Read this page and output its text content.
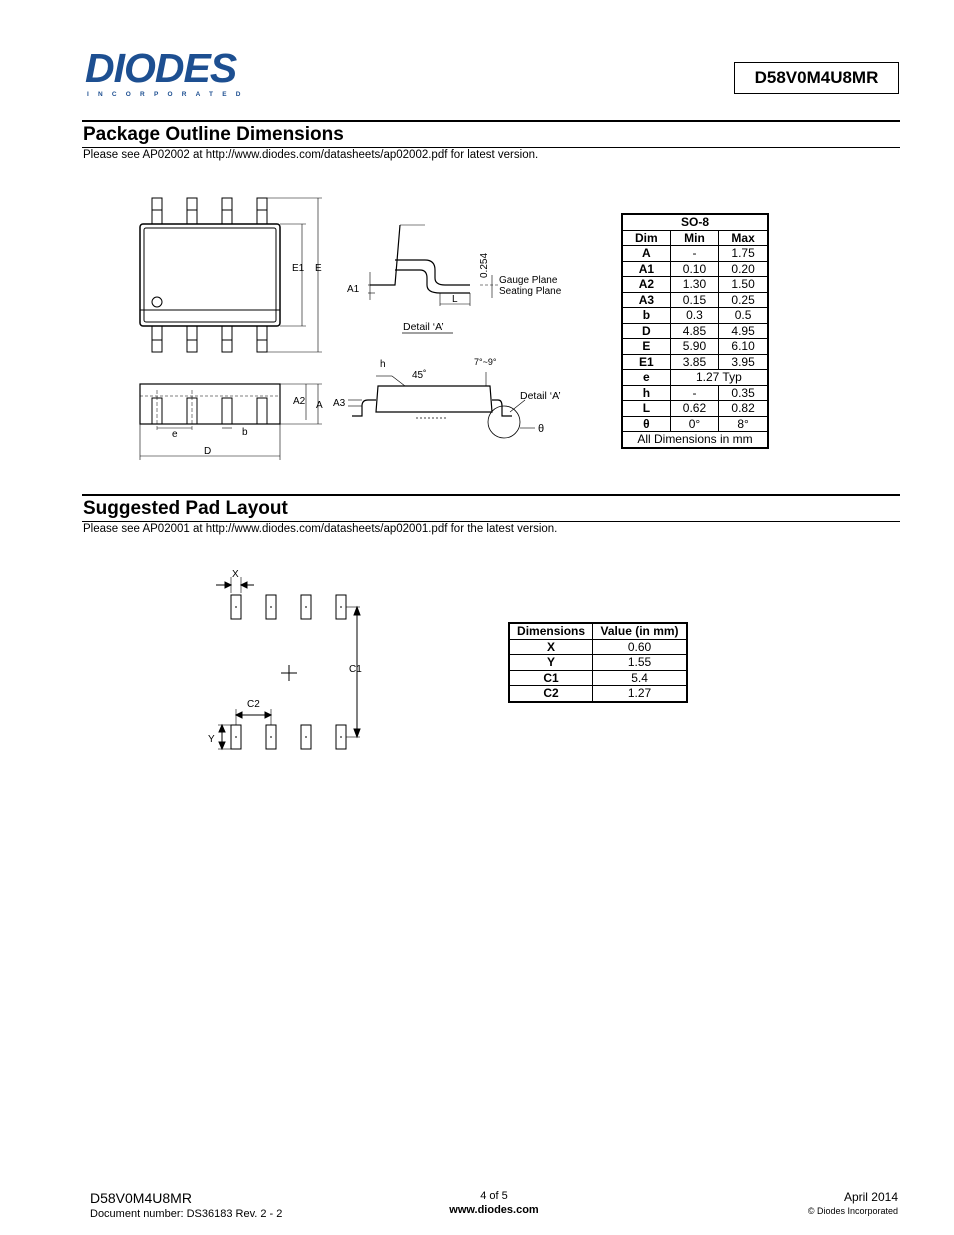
DIODES
INCORPORATED
D58V0M4U8MR
Package Outline Dimensions
Please see AP02002 at http://www.diodes.com/datasheets/ap02002.pdf for latest version.
E1 E
A1
0.254
Gauge Plane
Seating Plane
L
Detail ‘A’
A2 A
e	b
D
h
45˚
7°~9°
A3
Detail ‘A’
θ
SO-8		
Dim	Min	Max
A	-	1.75
A1	0.10	0.20
A2	1.30	1.50
A3	0.15	0.25
b	0.3	0.5
D	4.85	4.95
E	5.90	6.10
E1	3.85	3.95
e	1.27 Typ	
h	-	0.35
L	0.62	0.82
θ	0°	8°
All Dimensions in mm		
Suggested Pad Layout
Please see AP02001 at http://www.diodes.com/datasheets/ap02001.pdf for the latest version.
X
C1
C2
Y
Dimensions	Value (in mm)
X	0.60
Y	1.55
C1	5.4
C2	1.27
D58V0M4U8MR
Document number: DS36183 Rev. 2 - 2
4 of 5
www.diodes.com
April 2014
© Diodes Incorporated
